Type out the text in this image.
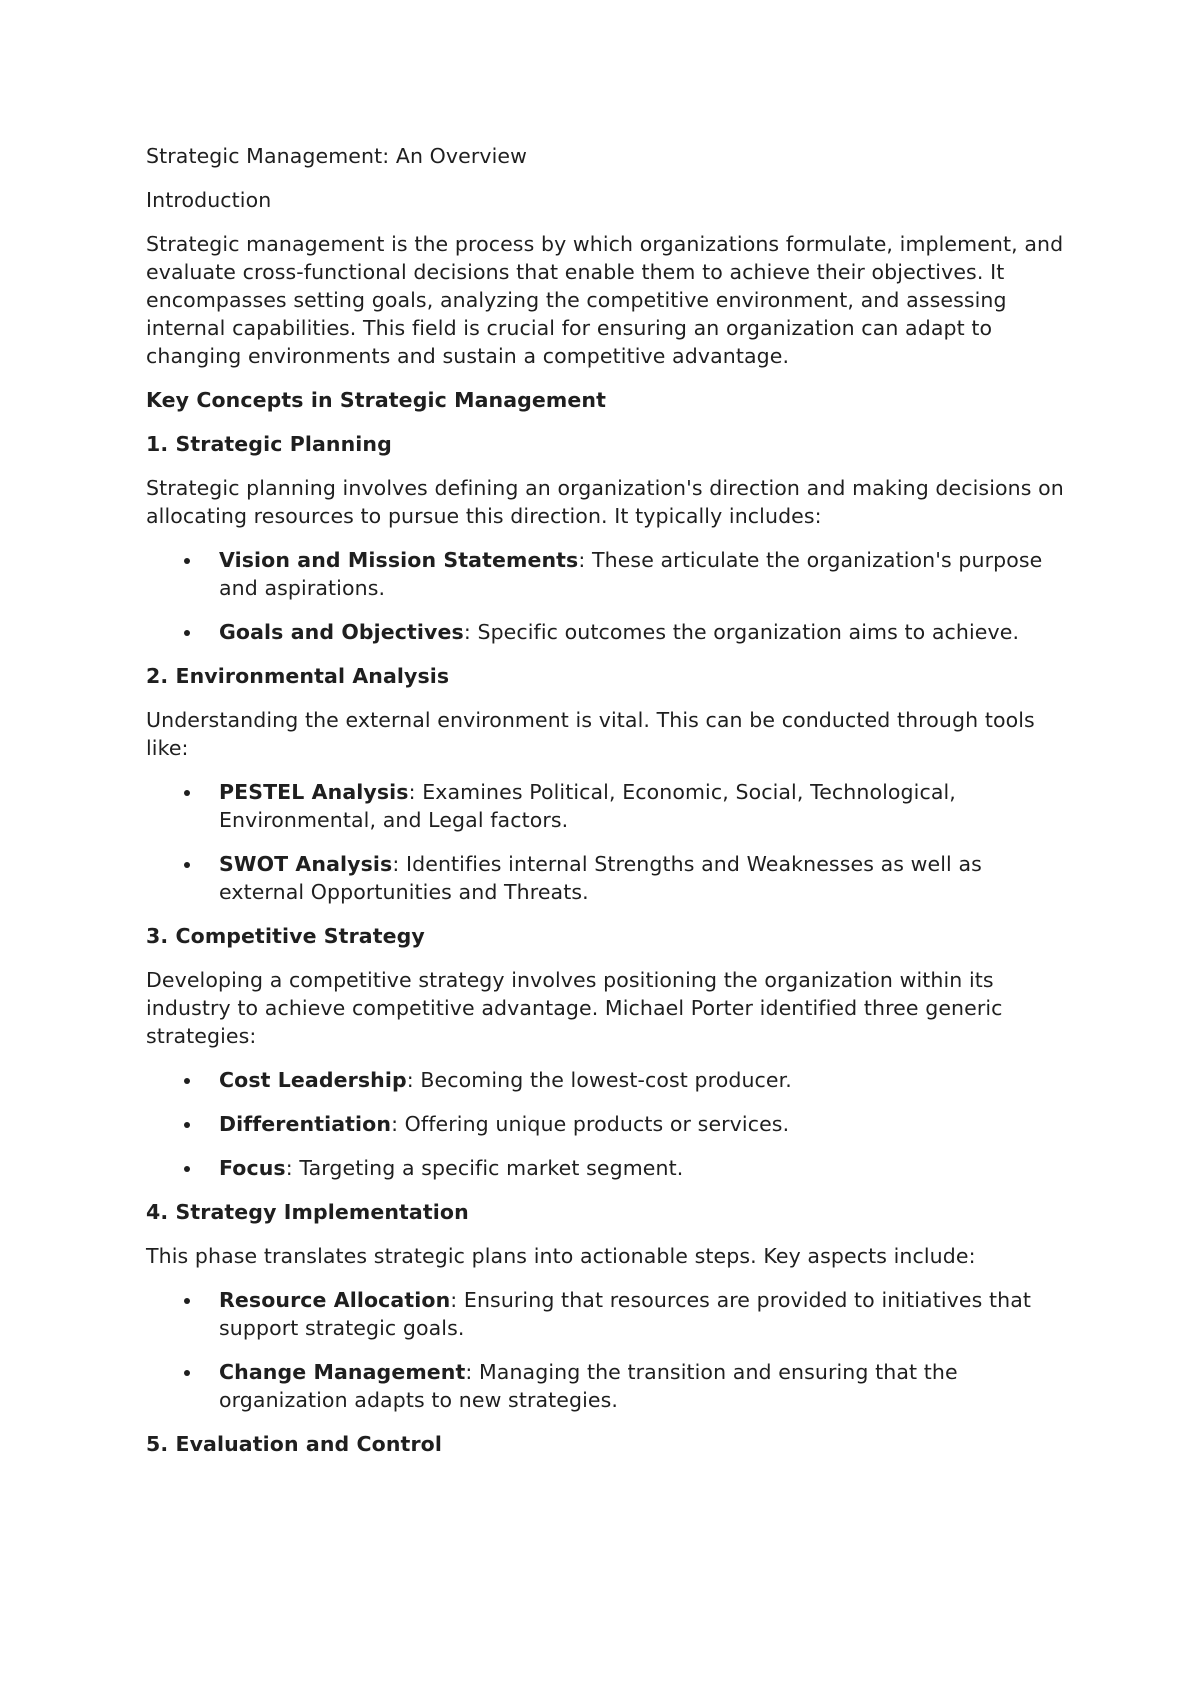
Strategic Management: An Overview
Introduction

Strategic management is the process by which organizations formulate, implement, and evaluate cross-functional decisions that enable them to achieve their objectives. It encompasses setting goals, analyzing the competitive environment, and assessing internal capabilities. This field is crucial for ensuring an organization can adapt to changing environments and sustain a competitive advantage.

Key Concepts in Strategic Management
1. Strategic Planning

Strategic planning involves defining an organization's direction and making decisions on allocating resources to pursue this direction. It typically includes:

Vision and Mission Statements: These articulate the organization's purpose and aspirations.
Goals and Objectives: Specific outcomes the organization aims to achieve.
2. Environmental Analysis

Understanding the external environment is vital. This can be conducted through tools like:

PESTEL Analysis: Examines Political, Economic, Social, Technological, Environmental, and Legal factors.
SWOT Analysis: Identifies internal Strengths and Weaknesses as well as external Opportunities and Threats.
3. Competitive Strategy

Developing a competitive strategy involves positioning the organization within its industry to achieve competitive advantage. Michael Porter identified three generic strategies:

Cost Leadership: Becoming the lowest-cost producer.
Differentiation: Offering unique products or services.
Focus: Targeting a specific market segment.
4. Strategy Implementation

This phase translates strategic plans into actionable steps. Key aspects include:

Resource Allocation: Ensuring that resources are provided to initiatives that support strategic goals.
Change Management: Managing the transition and ensuring that the organization adapts to new strategies.
5. Evaluation and Control
